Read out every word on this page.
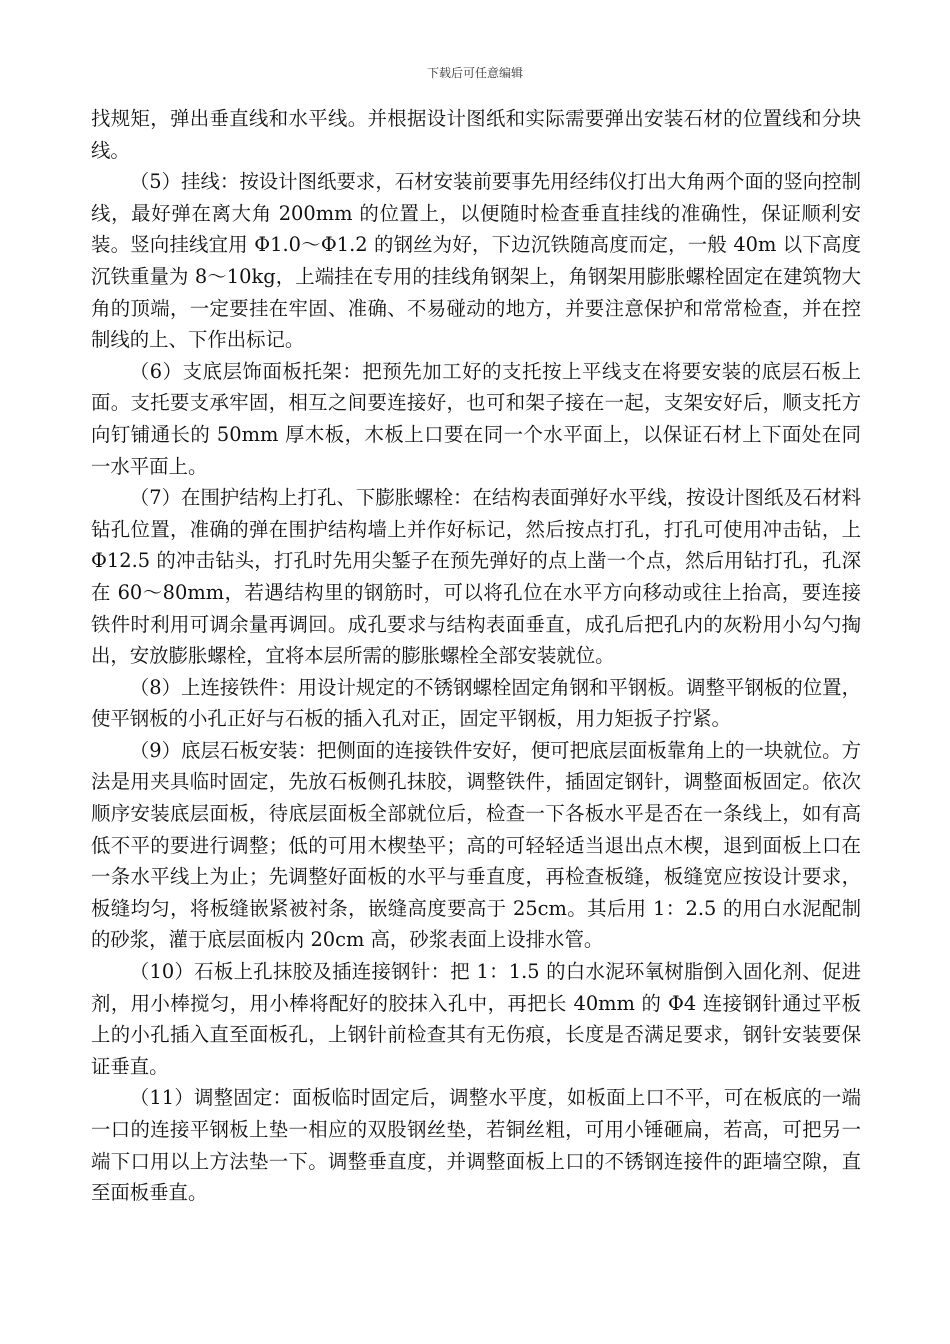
下载后可任意编辑

找规矩，弹出垂直线和水平线。并根据设计图纸和实际需要弹出安装石材的位置线和分块线。

（5）挂线：按设计图纸要求，石材安装前要事先用经纬仪打出大角两个面的竖向控制线，最好弹在离大角 200mm 的位置上，以便随时检查垂直挂线的准确性，保证顺利安装。竖向挂线宜用 Φ1.0～Φ1.2 的钢丝为好，下边沉铁随高度而定，一般 40m 以下高度沉铁重量为 8～10kg，上端挂在专用的挂线角钢架上，角钢架用膨胀螺栓固定在建筑物大角的顶端，一定要挂在牢固、准确、不易碰动的地方，并要注意保护和常常检查，并在控制线的上、下作出标记。

（6）支底层饰面板托架：把预先加工好的支托按上平线支在将要安装的底层石板上面。支托要支承牢固，相互之间要连接好，也可和架子接在一起，支架安好后，顺支托方向钉铺通长的 50mm 厚木板，木板上口要在同一个水平面上，以保证石材上下面处在同一水平面上。

（7）在围护结构上打孔、下膨胀螺栓：在结构表面弹好水平线，按设计图纸及石材料钻孔位置，准确的弹在围护结构墙上并作好标记，然后按点打孔，打孔可使用冲击钻，上 Φ12.5 的冲击钻头，打孔时先用尖錾子在预先弹好的点上凿一个点，然后用钻打孔，孔深在 60～80mm，若遇结构里的钢筋时，可以将孔位在水平方向移动或往上抬高，要连接铁件时利用可调余量再调回。成孔要求与结构表面垂直，成孔后把孔内的灰粉用小勾勺掏出，安放膨胀螺栓，宜将本层所需的膨胀螺栓全部安装就位。

（8）上连接铁件：用设计规定的不锈钢螺栓固定角钢和平钢板。调整平钢板的位置，使平钢板的小孔正好与石板的插入孔对正，固定平钢板，用力矩扳子拧紧。

（9）底层石板安装：把侧面的连接铁件安好，便可把底层面板靠角上的一块就位。方法是用夹具临时固定，先放石板侧孔抹胶，调整铁件，插固定钢针，调整面板固定。依次顺序安装底层面板，待底层面板全部就位后，检查一下各板水平是否在一条线上，如有高低不平的要进行调整；低的可用木楔垫平；高的可轻轻适当退出点木楔，退到面板上口在一条水平线上为止；先调整好面板的水平与垂直度，再检查板缝，板缝宽应按设计要求，板缝均匀，将板缝嵌紧被衬条，嵌缝高度要高于 25cm。其后用 1：2.5 的用白水泥配制的砂浆，灌于底层面板内 20cm 高，砂浆表面上设排水管。

（10）石板上孔抹胶及插连接钢针：把 1：1.5 的白水泥环氧树脂倒入固化剂、促进剂，用小棒搅匀，用小棒将配好的胶抹入孔中，再把长 40mm 的 Φ4 连接钢针通过平板上的小孔插入直至面板孔，上钢针前检查其有无伤痕，长度是否满足要求，钢针安装要保证垂直。

（11）调整固定：面板临时固定后，调整水平度，如板面上口不平，可在板底的一端一口的连接平钢板上垫一相应的双股钢丝垫，若铜丝粗，可用小锤砸扁，若高，可把另一端下口用以上方法垫一下。调整垂直度，并调整面板上口的不锈钢连接件的距墙空隙，直至面板垂直。
